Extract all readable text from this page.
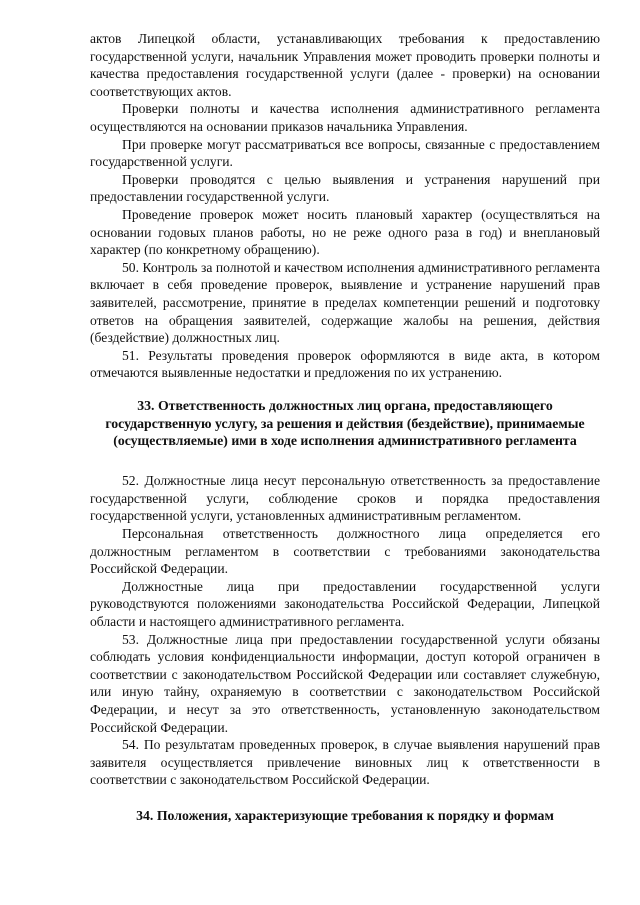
актов Липецкой области, устанавливающих требования к предоставлению государственной услуги, начальник Управления может проводить проверки полноты и качества предоставления государственной услуги (далее - проверки) на основании соответствующих актов.

Проверки полноты и качества исполнения административного регламента осуществляются на основании приказов начальника Управления.

При проверке могут рассматриваться все вопросы, связанные с предоставлением государственной услуги.

Проверки проводятся с целью выявления и устранения нарушений при предоставлении государственной услуги.

Проведение проверок может носить плановый характер (осуществляться на основании годовых планов работы, но не реже одного раза в год) и внеплановый характер (по конкретному обращению).

50. Контроль за полнотой и качеством исполнения административного регламента включает в себя проведение проверок, выявление и устранение нарушений прав заявителей, рассмотрение, принятие в пределах компетенции решений и подготовку ответов на обращения заявителей, содержащие жалобы на решения, действия (бездействие) должностных лиц.

51. Результаты проведения проверок оформляются в виде акта, в котором отмечаются выявленные недостатки и предложения по их устранению.

33. Ответственность должностных лиц органа, предоставляющего государственную услугу, за решения и действия (бездействие), принимаемые (осуществляемые) ими в ходе исполнения административного регламента

52. Должностные лица несут персональную ответственность за предоставление государственной услуги, соблюдение сроков и порядка предоставления государственной услуги, установленных административным регламентом.

Персональная ответственность должностного лица определяется его должностным регламентом в соответствии с требованиями законодательства Российской Федерации.

Должностные лица при предоставлении государственной услуги руководствуются положениями законодательства Российской Федерации, Липецкой области и настоящего административного регламента.

53. Должностные лица при предоставлении государственной услуги обязаны соблюдать условия конфиденциальности информации, доступ которой ограничен в соответствии с законодательством Российской Федерации или составляет служебную, или иную тайну, охраняемую в соответствии с законодательством Российской Федерации, и несут за это ответственность, установленную законодательством Российской Федерации.

54. По результатам проведенных проверок, в случае выявления нарушений прав заявителя осуществляется привлечение виновных лиц к ответственности в соответствии с законодательством Российской Федерации.

34. Положения, характеризующие требования к порядку и формам
